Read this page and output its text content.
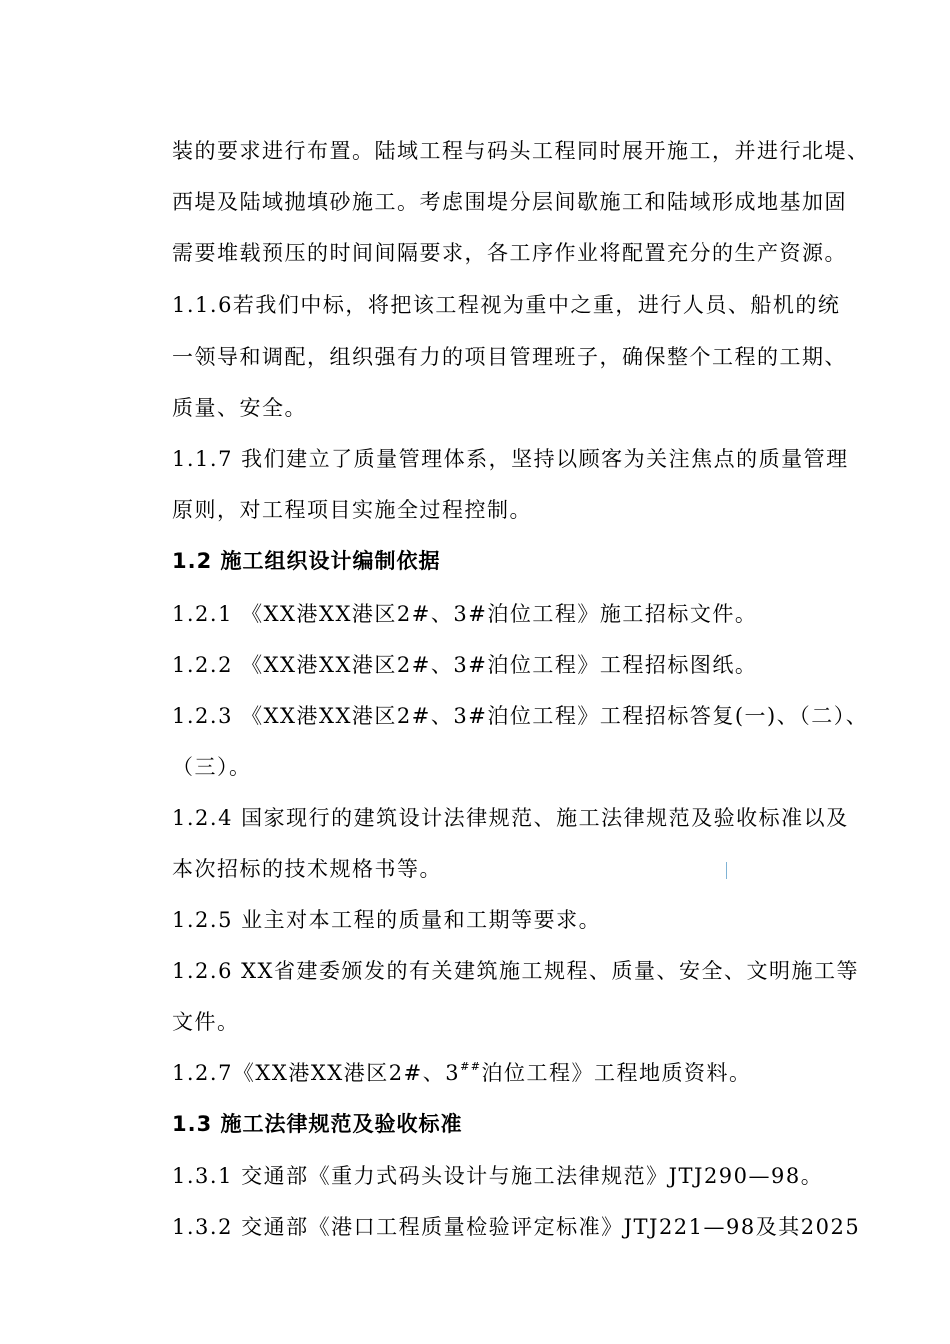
装的要求进行布置。陆域工程与码头工程同时展开施工，并进行北堤、
西堤及陆域抛填砂施工。考虑围堤分层间歇施工和陆域形成地基加固
需要堆载预压的时间间隔要求，各工序作业将配置充分的生产资源。
1.1.6若我们中标，将把该工程视为重中之重，进行人员、船机的统
一领导和调配，组织强有力的项目管理班子，确保整个工程的工期、
质量、安全。
1.1.7 我们建立了质量管理体系，坚持以顾客为关注焦点的质量管理
原则，对工程项目实施全过程控制。
1.2 施工组织设计编制依据
1.2.1 《XX港XX港区2#、3#泊位工程》施工招标文件。
1.2.2 《XX港XX港区2#、3#泊位工程》工程招标图纸。
1.2.3 《XX港XX港区2#、3#泊位工程》工程招标答复(一)、（二）、
（三）。
1.2.4 国家现行的建筑设计法律规范、施工法律规范及验收标准以及
本次招标的技术规格书等。
1.2.5 业主对本工程的质量和工期等要求。
1.2.6 XX省建委颁发的有关建筑施工规程、质量、安全、文明施工等
文件。
1.2.7《XX港XX港区2#、3##泊位工程》工程地质资料。
1.3 施工法律规范及验收标准
1.3.1 交通部《重力式码头设计与施工法律规范》JTJ290—98。
1.3.2 交通部《港口工程质量检验评定标准》JTJ221—98及其2025
